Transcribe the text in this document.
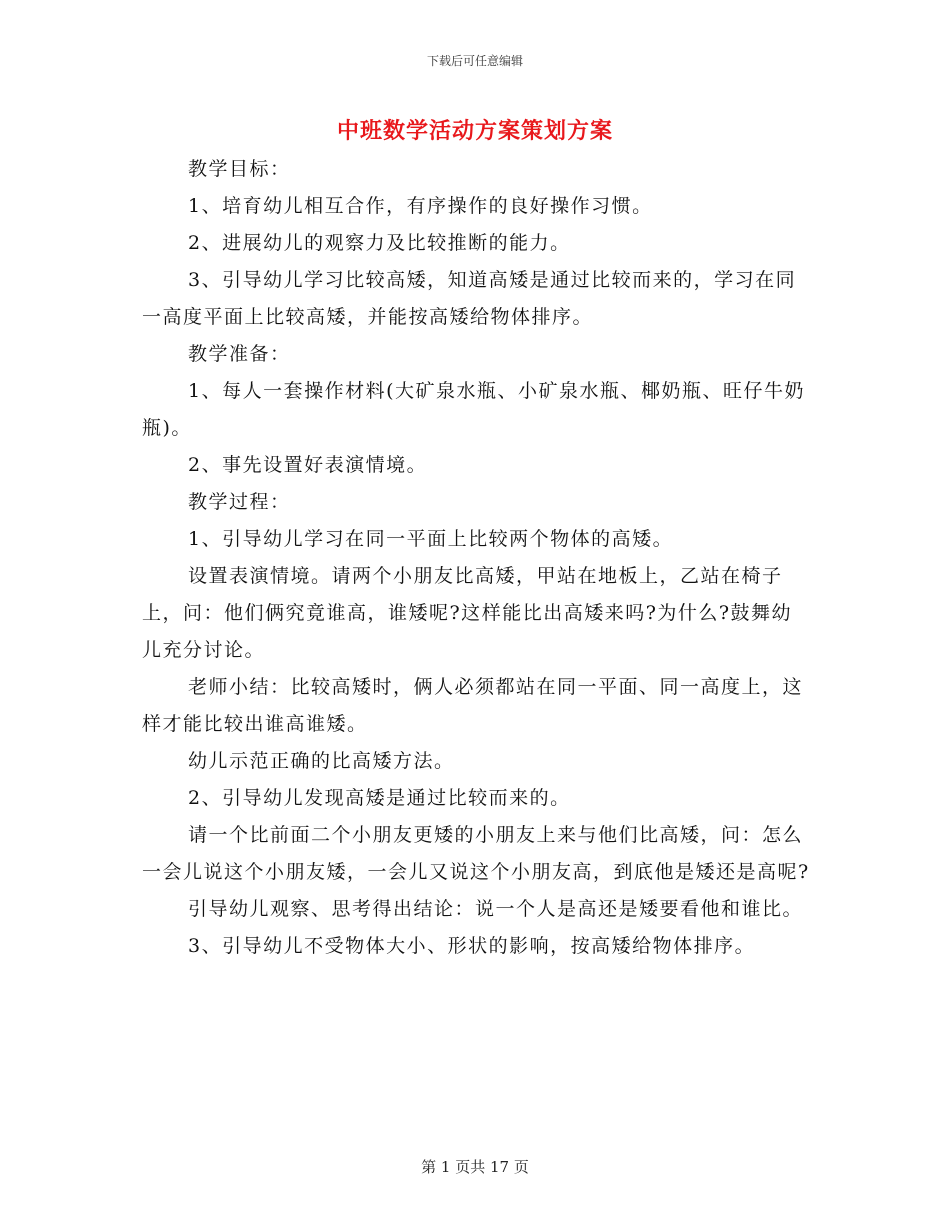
下载后可任意编辑
中班数学活动方案策划方案

教学目标：

1、培育幼儿相互合作，有序操作的良好操作习惯。

2、进展幼儿的观察力及比较推断的能力。

3、引导幼儿学习比较高矮，知道高矮是通过比较而来的，学习在同一高度平面上比较高矮，并能按高矮给物体排序。

教学准备：

1、每人一套操作材料(大矿泉水瓶、小矿泉水瓶、椰奶瓶、旺仔牛奶瓶)。

2、事先设置好表演情境。

教学过程：

1、引导幼儿学习在同一平面上比较两个物体的高矮。

设置表演情境。请两个小朋友比高矮，甲站在地板上，乙站在椅子上，问：他们俩究竟谁高，谁矮呢?这样能比出高矮来吗?为什么?鼓舞幼儿充分讨论。

老师小结：比较高矮时，俩人必须都站在同一平面、同一高度上，这样才能比较出谁高谁矮。

幼儿示范正确的比高矮方法。

2、引导幼儿发现高矮是通过比较而来的。

请一个比前面二个小朋友更矮的小朋友上来与他们比高矮，问：怎么一会儿说这个小朋友矮，一会儿又说这个小朋友高，到底他是矮还是高呢?

引导幼儿观察、思考得出结论：说一个人是高还是矮要看他和谁比。

3、引导幼儿不受物体大小、形状的影响，按高矮给物体排序。

第 1 页共 17 页
